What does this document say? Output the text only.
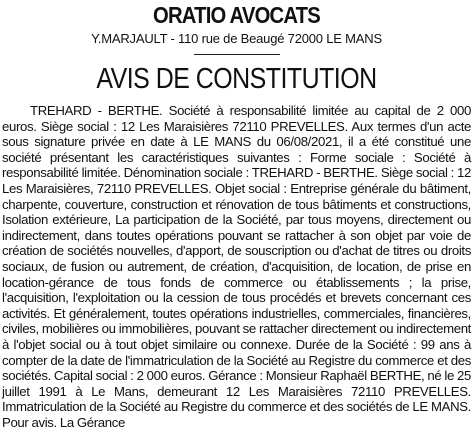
ORATIO AVOCATS
Y.MARJAULT - 110 rue de Beaugé 72000 LE MANS
AVIS DE CONSTITUTION

TREHARD - BERTHE. Société à responsabilité limitée au capital de 2 000 euros. Siège social : 12 Les Maraisières 72110 PREVELLES. Aux termes d'un acte sous signature privée en date à LE MANS du 06/08/2021, il a été constitué une société présentant les caractéristiques suivantes : Forme sociale : Société à responsabilité limitée. Dénomination sociale : TREHARD - BERTHE. Siège social : 12 Les Maraisières, 72110 PREVELLES. Objet social : Entreprise générale du bâtiment, charpente, couverture, construction et rénovation de tous bâtiments et constructions, Isolation extérieure, La participation de la Société, par tous moyens, directement ou indirectement, dans toutes opérations pouvant se rattacher à son objet par voie de création de sociétés nouvelles, d'apport, de souscription ou d'achat de titres ou droits sociaux, de fusion ou autrement, de création, d'acquisition, de location, de prise en location-gérance de tous fonds de commerce ou établissements ; la prise, l'acquisition, l'exploitation ou la cession de tous procédés et brevets concernant ces activités. Et généralement, toutes opérations industrielles, commerciales, financières, civiles, mobilières ou immobilières, pouvant se rattacher directement ou indirectement à l'objet social ou à tout objet similaire ou connexe. Durée de la Société : 99 ans à compter de la date de l'immatriculation de la Société au Registre du commerce et des sociétés. Capital social : 2 000 euros. Gérance : Monsieur Raphaël BERTHE, né le 25 juillet 1991 à Le Mans, demeurant 12 Les Maraisières 72110 PREVELLES. Immatriculation de la Société au Registre du commerce et des sociétés de LE MANS. Pour avis. La Gérance
